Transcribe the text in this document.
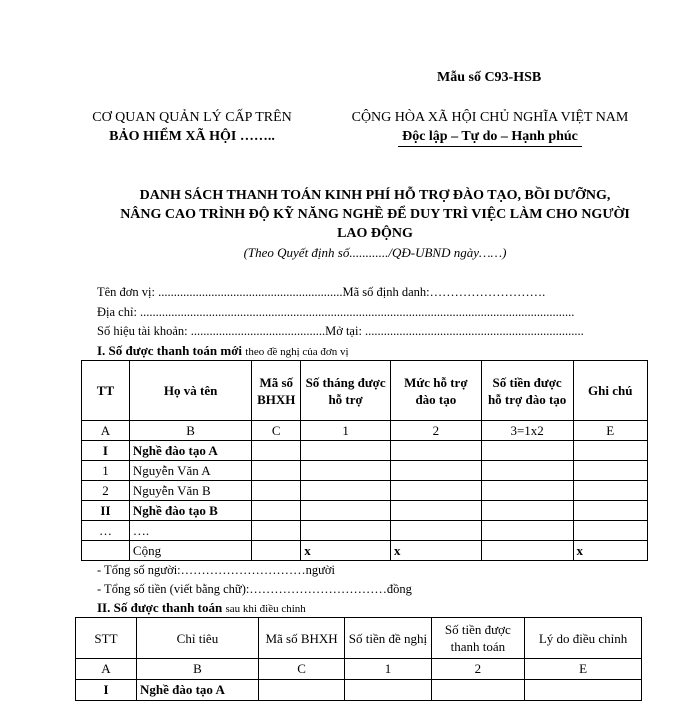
Mẫu số C93-HSB
CƠ QUAN QUẢN LÝ CẤP TRÊN
BẢO HIỂM XÃ HỘI ……..
CỘNG HÒA XÃ HỘI CHỦ NGHĨA VIỆT NAM
Độc lập – Tự do – Hạnh phúc
DANH SÁCH THANH TOÁN KINH PHÍ HỖ TRỢ ĐÀO TẠO, BỒI DƯỠNG,
NÂNG CAO TRÌNH ĐỘ KỸ NĂNG NGHỀ ĐỂ DUY TRÌ VIỆC LÀM CHO NGƯỜI
LAO ĐỘNG
(Theo Quyết định số............/QĐ-UBND ngày……)
Tên đơn vị: ...........................................................Mã số định danh:……………………….
Địa chỉ: ...........................................................................................................................................
Số hiệu tài khoản: ...........................................Mở tại: ......................................................................
I. Số được thanh toán mới theo đề nghị của đơn vị
TT	Họ và tên	Mã số BHXH	Số tháng được hỗ trợ	Mức hỗ trợ đào tạo	Số tiền được hỗ trợ đào tạo	Ghi chú
A	B	C	1	2	3=1x2	E
I	Nghề đào tạo A					
1	Nguyễn Văn A					
2	Nguyễn Văn B					
II	Nghề đào tạo B					
…	….					
	Cộng		x	x		x
- Tổng số người:…………………………người
- Tổng số tiền (viết bằng chữ):……………………………đồng
II. Số được thanh toán sau khi điều chỉnh
STT	Chỉ tiêu	Mã số BHXH	Số tiền đề nghị	Số tiền được thanh toán	Lý do điều chỉnh
A	B	C	1	2	E
I	Nghề đào tạo A				
